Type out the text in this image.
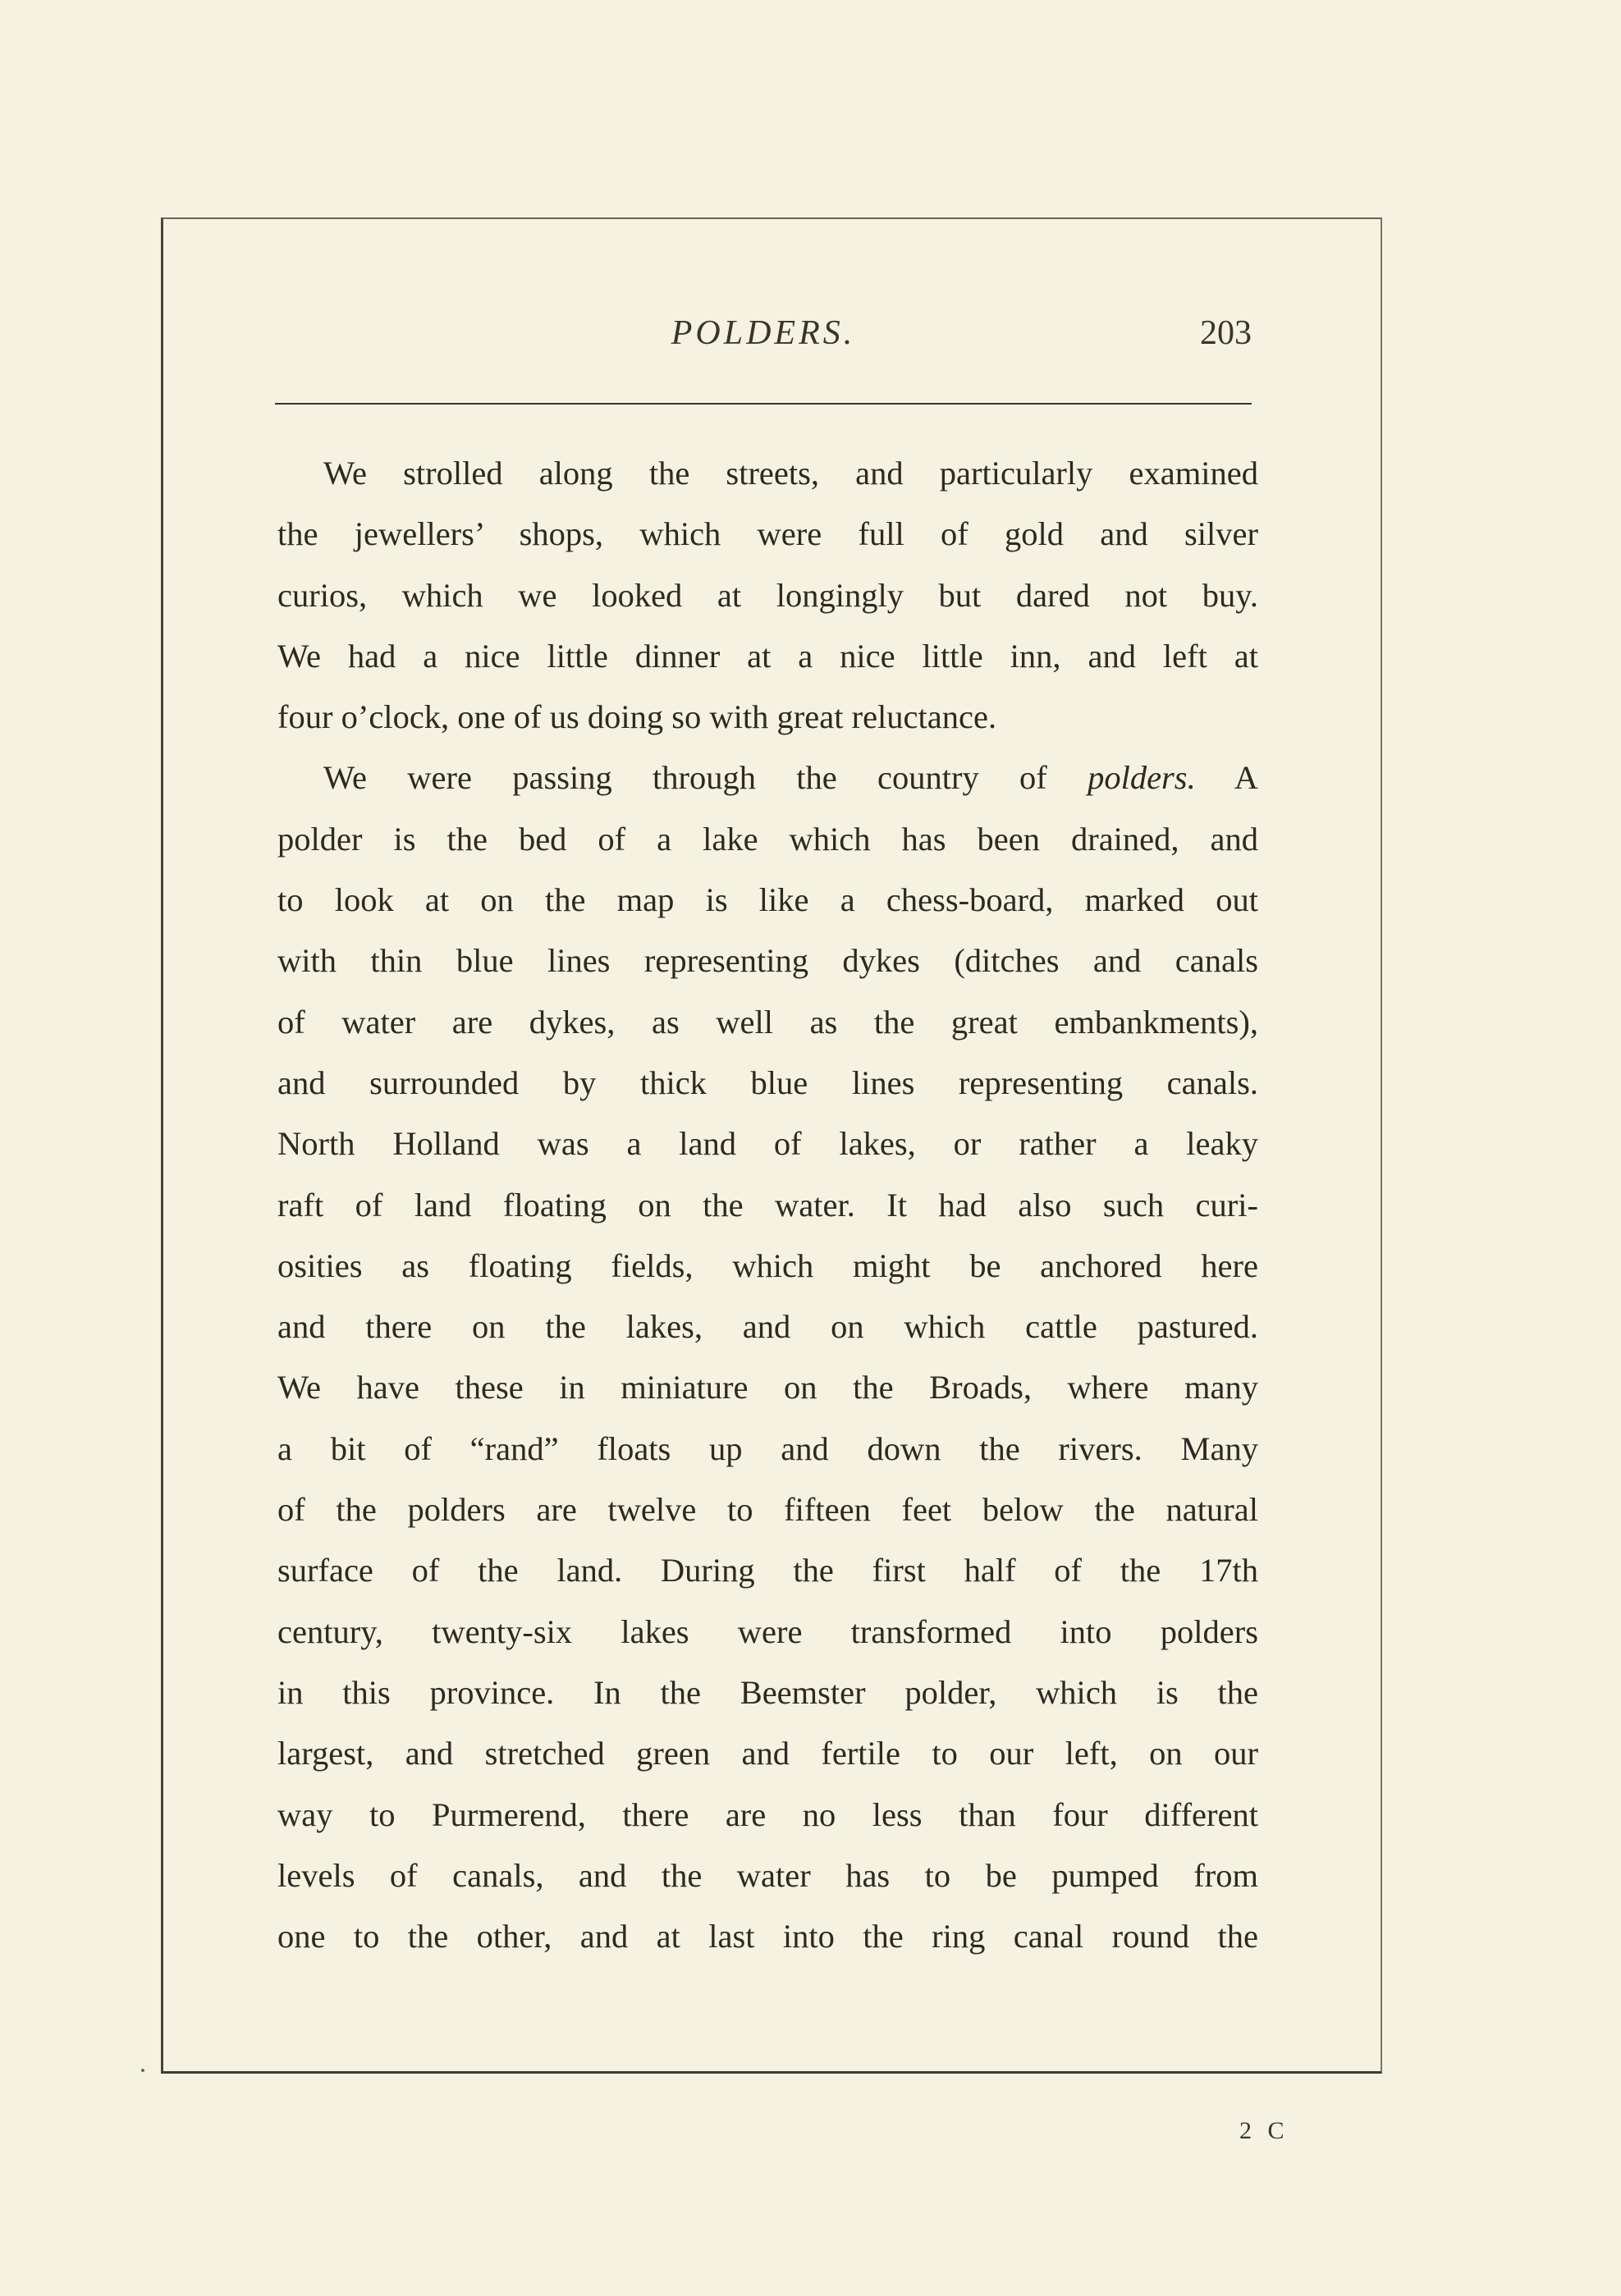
POLDERS.	203
We strolled along the streets, and particularly examined
the jewellers’ shops, which were full of gold and silver
curios, which we looked at longingly but dared not buy.
We had a nice little dinner at a nice little inn, and left at
four o’clock, one of us doing so with great reluctance.
We were passing through the country of polders. A
polder is the bed of a lake which has been drained, and
to look at on the map is like a chess-board, marked out
with thin blue lines representing dykes (ditches and canals
of water are dykes, as well as the great embankments),
and surrounded by thick blue lines representing canals.
North Holland was a land of lakes, or rather a leaky
raft of land floating on the water. It had also such curi-
osities as floating fields, which might be anchored here
and there on the lakes, and on which cattle pastured.
We have these in miniature on the Broads, where many
a bit of “rand” floats up and down the rivers. Many
of the polders are twelve to fifteen feet below the natural
surface of the land. During the first half of the 17th
century, twenty-six lakes were transformed into polders
in this province. In the Beemster polder, which is the
largest, and stretched green and fertile to our left, on our
way to Purmerend, there are no less than four different
levels of canals, and the water has to be pumped from
one to the other, and at last into the ring canal round the
2 C
